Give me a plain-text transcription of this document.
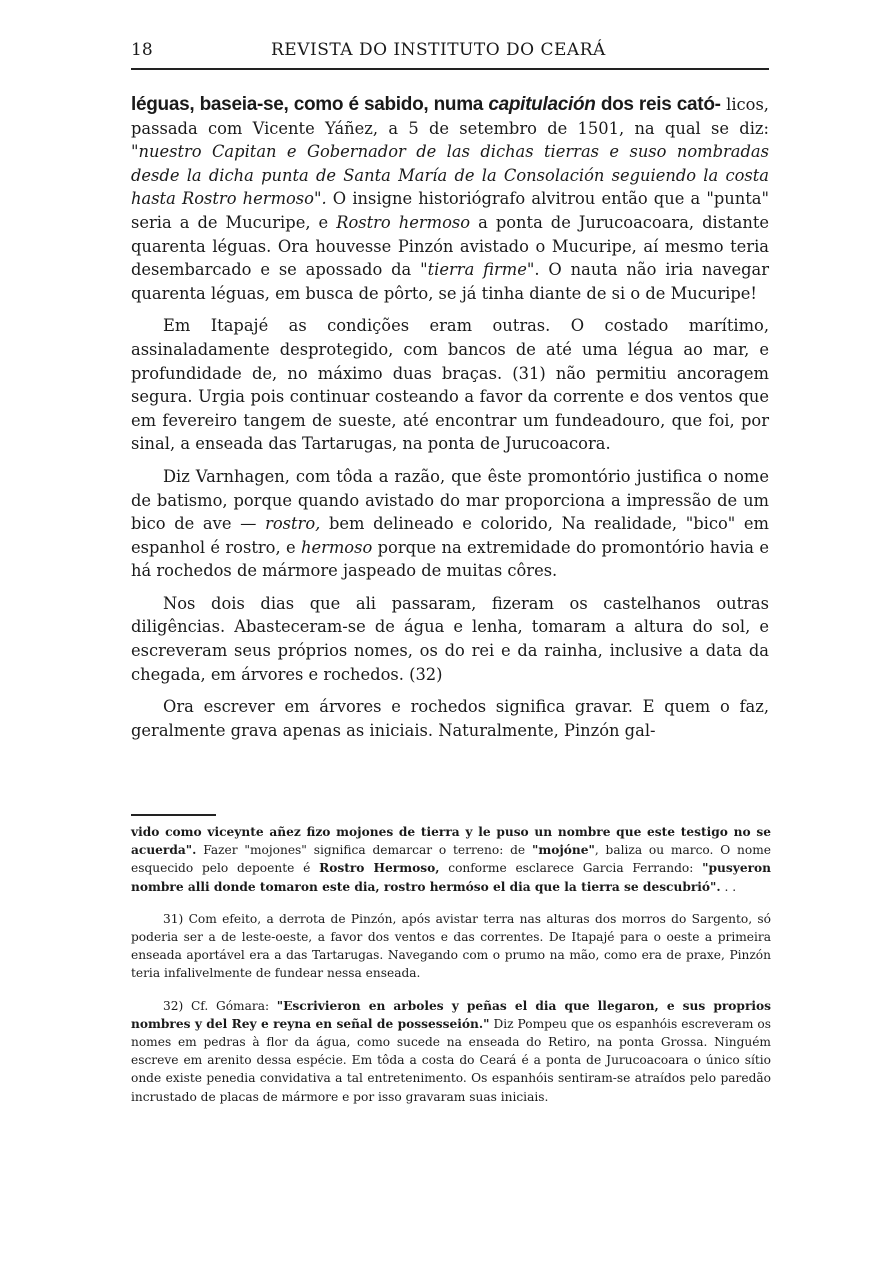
18	REVISTA DO INSTITUTO DO CEARÁ

léguas, baseia-se, como é sabido, numa capitulación dos reis cató- licos, passada com Vicente Yáñez, a 5 de setembro de 1501, na qual se diz: "nuestro Capitan e Gobernador de las dichas tierras e suso nombradas desde la dicha punta de Santa María de la Consolación seguiendo la costa hasta Rostro hermoso". O insigne historiógrafo alvitrou então que a "punta" seria a de Mucuripe, e Rostro hermoso a ponta de Jurucoacoara, distante quarenta léguas. Ora houvesse Pinzón avistado o Mucuripe, aí mesmo teria desembarcado e se apossado da "tierra firme". O nauta não iria navegar quarenta léguas, em busca de pôrto, se já tinha diante de si o de Mucuripe!

Em Itapajé as condições eram outras. O costado marítimo, assinaladamente desprotegido, com bancos de até uma légua ao mar, e profundidade de, no máximo duas braças. (31) não permitiu ancoragem segura. Urgia pois continuar costeando a favor da corrente e dos ventos que em fevereiro tangem de sueste, até encontrar um fundeadouro, que foi, por sinal, a enseada das Tartarugas, na ponta de Jurucoacora.

Diz Varnhagen, com tôda a razão, que êste promontório justifica o nome de batismo, porque quando avistado do mar proporciona a impressão de um bico de ave — rostro, bem delineado e colorido, Na realidade, "bico" em espanhol é rostro, e hermoso porque na extremidade do promontório havia e há rochedos de mármore jaspeado de muitas côres.

Nos dois dias que ali passaram, fizeram os castelhanos outras diligências. Abasteceram-se de água e lenha, tomaram a altura do sol, e escreveram seus próprios nomes, os do rei e da rainha, inclusive a data da chegada, em árvores e rochedos. (32)

Ora escrever em árvores e rochedos significa gravar. E quem o faz, geralmente grava apenas as iniciais. Naturalmente, Pinzón gal-

vido como viceynte añez fizo mojones de tierra y le puso un nombre que este testigo no se acuerda". Fazer "mojones" significa demarcar o terreno: de "mojóne", baliza ou marco. O nome esquecido pelo depoente é Rostro Hermoso, conforme esclarece Garcia Ferrando: "pusyeron nombre alli donde tomaron este dia, rostro hermóso el dia que la tierra se descubrió". . .

31) Com efeito, a derrota de Pinzón, após avistar terra nas alturas dos morros do Sargento, só poderia ser a de leste-oeste, a favor dos ventos e das correntes. De Itapajé para o oeste a primeira enseada aportável era a das Tartarugas. Navegando com o prumo na mão, como era de praxe, Pinzón teria infalivelmente de fundear nessa enseada.

32) Cf. Gómara: "Escrivieron en arboles y peñas el dia que llegaron, e sus proprios nombres y del Rey e reyna en señal de possesseión." Diz Pompeu que os espanhóis escreveram os nomes em pedras à flor da água, como sucede na enseada do Retiro, na ponta Grossa. Ninguém escreve em arenito dessa espécie. Em tôda a costa do Ceará é a ponta de Jurucoacoara o único sítio onde existe penedia convidativa a tal entretenimento. Os espanhóis sentiram-se atraídos pelo paredão incrustado de placas de mármore e por isso gravaram suas iniciais.
